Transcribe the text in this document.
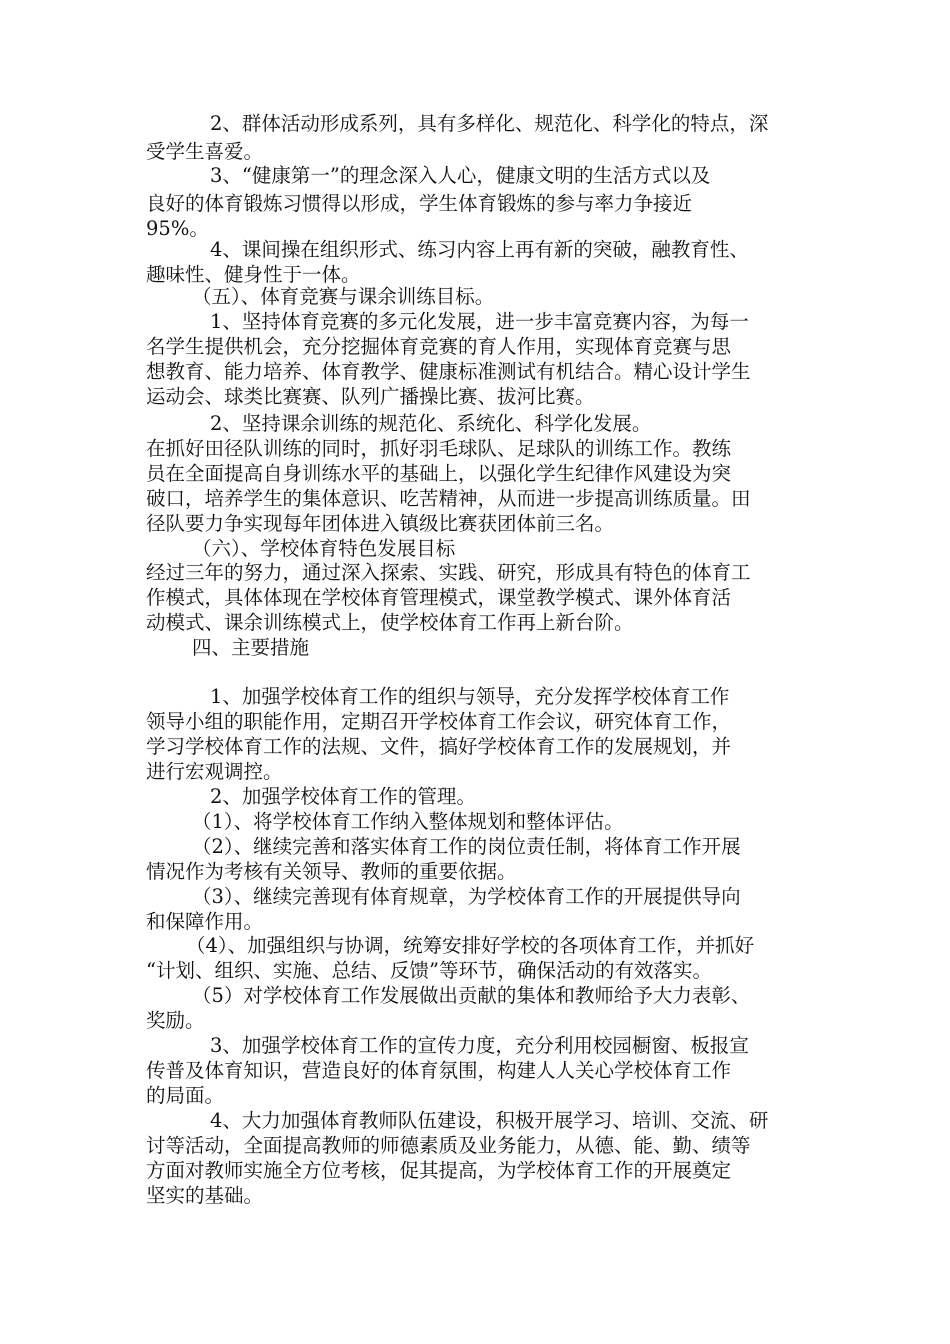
2、群体活动形成系列，具有多样化、规范化、科学化的特点，深
受学生喜爱。
3、“健康第一”的理念深入人心，健康文明的生活方式以及
良好的体育锻炼习惯得以形成，学生体育锻炼的参与率力争接近
95%。
4、课间操在组织形式、练习内容上再有新的突破，融教育性、
趣味性、健身性于一体。
（五）、体育竞赛与课余训练目标。
1、坚持体育竞赛的多元化发展，进一步丰富竞赛内容，为每一
名学生提供机会，充分挖掘体育竞赛的育人作用，实现体育竞赛与思
想教育、能力培养、体育教学、健康标准测试有机结合。精心设计学生
运动会、球类比赛赛、队列广播操比赛、拔河比赛。
2、坚持课余训练的规范化、系统化、科学化发展。
在抓好田径队训练的同时，抓好羽毛球队、足球队的训练工作。教练
员在全面提高自身训练水平的基础上，以强化学生纪律作风建设为突
破口，培养学生的集体意识、吃苦精神，从而进一步提高训练质量。田
径队要力争实现每年团体进入镇级比赛获团体前三名。
（六）、学校体育特色发展目标
经过三年的努力，通过深入探索、实践、研究，形成具有特色的体育工
作模式，具体体现在学校体育管理模式，课堂教学模式、课外体育活
动模式、课余训练模式上，使学校体育工作再上新台阶。
四、主要措施
1、加强学校体育工作的组织与领导，充分发挥学校体育工作
领导小组的职能作用，定期召开学校体育工作会议，研究体育工作，
学习学校体育工作的法规、文件，搞好学校体育工作的发展规划，并
进行宏观调控。
2、加强学校体育工作的管理。
（1）、将学校体育工作纳入整体规划和整体评估。
（2）、继续完善和落实体育工作的岗位责任制，将体育工作开展
情况作为考核有关领导、教师的重要依据。
（3）、继续完善现有体育规章，为学校体育工作的开展提供导向
和保障作用。
（4）、加强组织与协调，统筹安排好学校的各项体育工作，并抓好
“计划、组织、实施、总结、反馈”等环节，确保活动的有效落实。
（5）对学校体育工作发展做出贡献的集体和教师给予大力表彰、
奖励。
3、加强学校体育工作的宣传力度，充分利用校园橱窗、板报宣
传普及体育知识，营造良好的体育氛围，构建人人关心学校体育工作
的局面。
4、大力加强体育教师队伍建设，积极开展学习、培训、交流、研
讨等活动，全面提高教师的师德素质及业务能力，从德、能、勤、绩等
方面对教师实施全方位考核，促其提高，为学校体育工作的开展奠定
坚实的基础。
